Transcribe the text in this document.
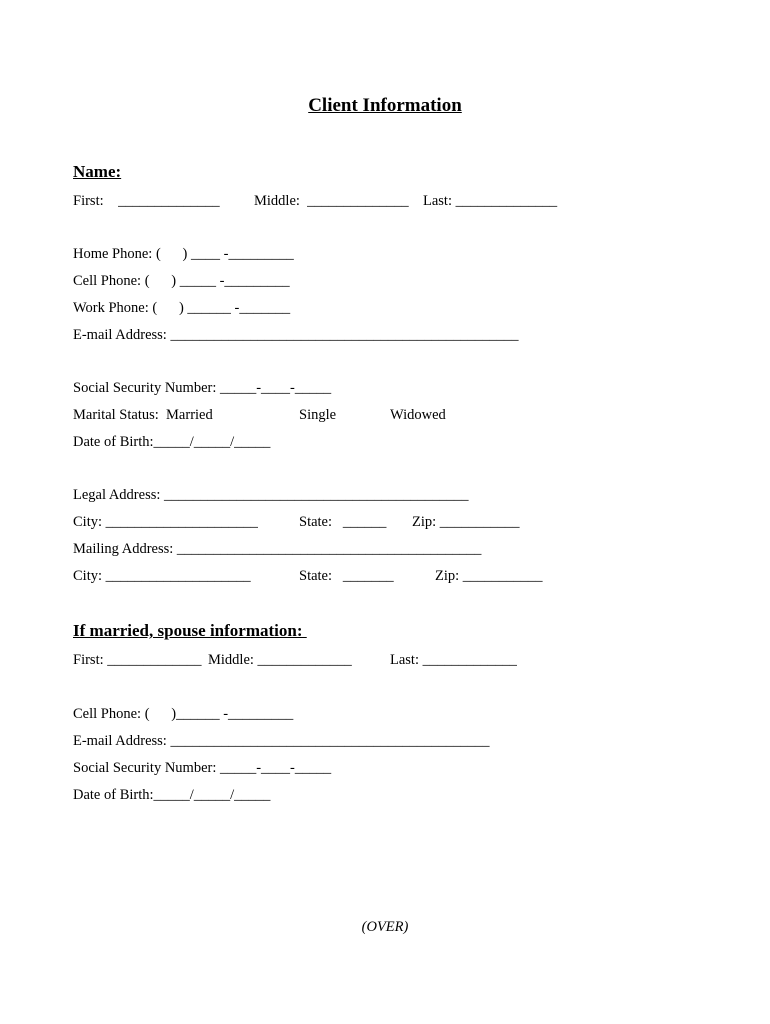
Client Information
Name:
First:    ______________ Middle:  ______________ Last: ______________
Home Phone: (      ) ____ -_________
Cell Phone: (      ) _____ -_________
Work Phone: (      ) ______ -_______
E-mail Address: ________________________________________________
Social Security Number: _____-____-_____
Marital Status:  Married	Single	Widowed
Date of Birth:_____/_____/_____
Legal Address: __________________________________________
City: _____________________	State:   ______ Zip: ___________
Mailing Address: __________________________________________
City: ____________________	State:   _______	Zip: ___________
If married, spouse information:
First: _____________ Middle: _____________	Last: _____________
Cell Phone: (      )______ -_________
E-mail Address: ____________________________________________
Social Security Number: _____-____-_____
Date of Birth:_____/_____/_____
(OVER)
